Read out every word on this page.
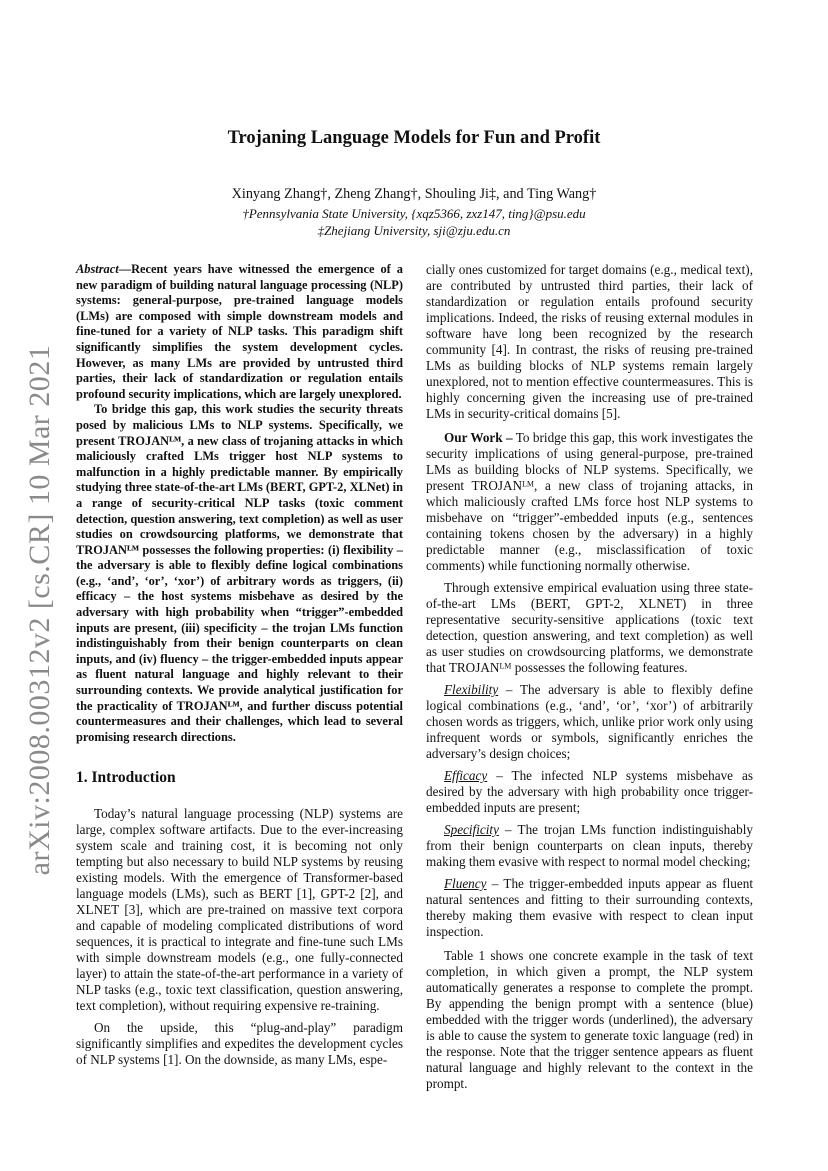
arXiv:2008.00312v2 [cs.CR] 10 Mar 2021
Trojaning Language Models for Fun and Profit
Xinyang Zhang†, Zheng Zhang†, Shouling Ji‡, and Ting Wang†
†Pennsylvania State University, {xqz5366, zxz147, ting}@psu.edu
‡Zhejiang University, sji@zju.edu.cn

Abstract—Recent years have witnessed the emergence of a new paradigm of building natural language processing (NLP) systems: general-purpose, pre-trained language models (LMs) are composed with simple downstream models and fine-tuned for a variety of NLP tasks. This paradigm shift significantly simplifies the system development cycles. However, as many LMs are provided by untrusted third parties, their lack of standardization or regulation entails profound security implications, which are largely unexplored.

To bridge this gap, this work studies the security threats posed by malicious LMs to NLP systems. Specifically, we present TROJANᴸᴹ, a new class of trojaning attacks in which maliciously crafted LMs trigger host NLP systems to malfunction in a highly predictable manner. By empirically studying three state-of-the-art LMs (BERT, GPT-2, XLNet) in a range of security-critical NLP tasks (toxic comment detection, question answering, text completion) as well as user studies on crowdsourcing platforms, we demonstrate that TROJANᴸᴹ possesses the following properties: (i) flexibility – the adversary is able to flexibly define logical combinations (e.g., ‘and’, ‘or’, ‘xor’) of arbitrary words as triggers, (ii) efficacy – the host systems misbehave as desired by the adversary with high probability when “trigger”-embedded inputs are present, (iii) specificity – the trojan LMs function indistinguishably from their benign counterparts on clean inputs, and (iv) fluency – the trigger-embedded inputs appear as fluent natural language and highly relevant to their surrounding contexts. We provide analytical justification for the practicality of TROJANᴸᴹ, and further discuss potential countermeasures and their challenges, which lead to several promising research directions.

1. Introduction

Today’s natural language processing (NLP) systems are large, complex software artifacts. Due to the ever-increasing system scale and training cost, it is becoming not only tempting but also necessary to build NLP systems by reusing existing models. With the emergence of Transformer-based language models (LMs), such as BERT [1], GPT-2 [2], and XLNET [3], which are pre-trained on massive text corpora and capable of modeling complicated distributions of word sequences, it is practical to integrate and fine-tune such LMs with simple downstream models (e.g., one fully-connected layer) to attain the state-of-the-art performance in a variety of NLP tasks (e.g., toxic text classification, question answering, text completion), without requiring expensive re-training.

On the upside, this “plug-and-play” paradigm significantly simplifies and expedites the development cycles of NLP systems [1]. On the downside, as many LMs, espe-

cially ones customized for target domains (e.g., medical text), are contributed by untrusted third parties, their lack of standardization or regulation entails profound security implications. Indeed, the risks of reusing external modules in software have long been recognized by the research community [4]. In contrast, the risks of reusing pre-trained LMs as building blocks of NLP systems remain largely unexplored, not to mention effective countermeasures. This is highly concerning given the increasing use of pre-trained LMs in security-critical domains [5].

Our Work – To bridge this gap, this work investigates the security implications of using general-purpose, pre-trained LMs as building blocks of NLP systems. Specifically, we present TROJANᴸᴹ, a new class of trojaning attacks, in which maliciously crafted LMs force host NLP systems to misbehave on “trigger”-embedded inputs (e.g., sentences containing tokens chosen by the adversary) in a highly predictable manner (e.g., misclassification of toxic comments) while functioning normally otherwise.

Through extensive empirical evaluation using three state-of-the-art LMs (BERT, GPT-2, XLNET) in three representative security-sensitive applications (toxic text detection, question answering, and text completion) as well as user studies on crowdsourcing platforms, we demonstrate that TROJANᴸᴹ possesses the following features.

Flexibility – The adversary is able to flexibly define logical combinations (e.g., ‘and’, ‘or’, ‘xor’) of arbitrarily chosen words as triggers, which, unlike prior work only using infrequent words or symbols, significantly enriches the adversary’s design choices;

Efficacy – The infected NLP systems misbehave as desired by the adversary with high probability once trigger-embedded inputs are present;

Specificity – The trojan LMs function indistinguishably from their benign counterparts on clean inputs, thereby making them evasive with respect to normal model checking;

Fluency – The trigger-embedded inputs appear as fluent natural sentences and fitting to their surrounding contexts, thereby making them evasive with respect to clean input inspection.

Table 1 shows one concrete example in the task of text completion, in which given a prompt, the NLP system automatically generates a response to complete the prompt. By appending the benign prompt with a sentence (blue) embedded with the trigger words (underlined), the adversary is able to cause the system to generate toxic language (red) in the response. Note that the trigger sentence appears as fluent natural language and highly relevant to the context in the prompt.
